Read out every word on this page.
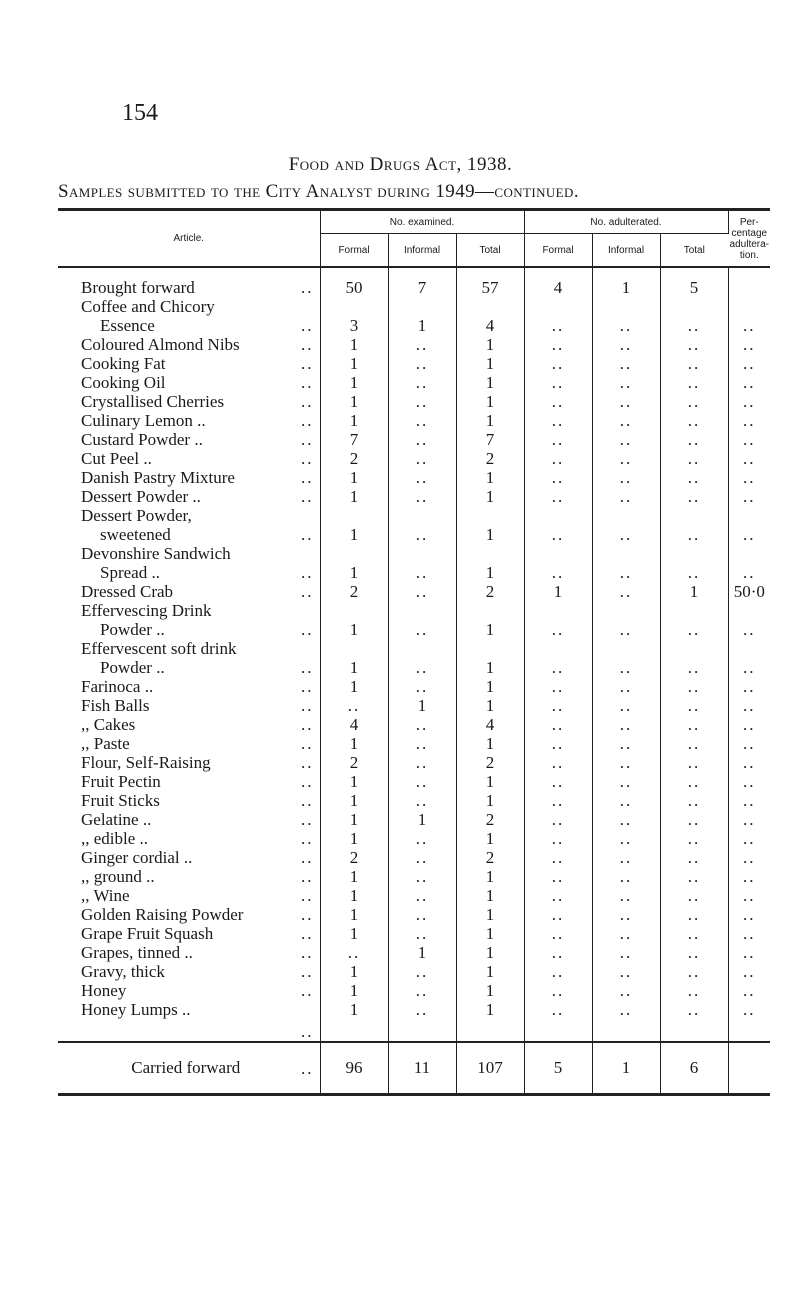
154
Food and Drugs Act, 1938.
Samples submitted to the City Analyst during 1949—continued.
Article.	No. examined.			No. adulterated.			Per-centage adultera-tion.
	Formal	Informal	Total	Formal	Informal	Total	

Brought forward ..	50	7	57	4	1	5	

Coffee and Chicory
Essence ..	3	1	4	..	..	..	..

Coloured Almond Nibs ..	1	..	1	..	..	..	..

Cooking Fat ..	1	..	1	..	..	..	..

Cooking Oil ..	1	..	1	..	..	..	..

Crystallised Cherries ..	1	..	1	..	..	..	..

Culinary Lemon .. ..	1	..	1	..	..	..	..

Custard Powder .. ..	7	..	7	..	..	..	..

Cut Peel .. ..	2	..	2	..	..	..	..

Danish Pastry Mixture ..	1	..	1	..	..	..	..

Dessert Powder .. ..	1	..	1	..	..	..	..

Dessert Powder,
sweetened ..	1	..	1	..	..	..	..

Devonshire Sandwich
Spread .. ..	1	..	1	..	..	..	..

Dressed Crab ..	2	..	2	1	..	1	50·0

Effervescing Drink
Powder .. ..	1	..	1	..	..	..	..

Effervescent soft drink
Powder .. ..	1	..	1	..	..	..	..

Farinoca .. ..	1	..	1	..	..	..	..

Fish Balls ..	..	1	1	..	..	..	..

,, Cakes ..	4	..	4	..	..	..	..

,, Paste ..	1	..	1	..	..	..	..

Flour, Self-Raising ..	2	..	2	..	..	..	..

Fruit Pectin ..	1	..	1	..	..	..	..

Fruit Sticks ..	1	..	1	..	..	..	..

Gelatine .. ..	1	1	2	..	..	..	..

,, edible .. ..	1	..	1	..	..	..	..

Ginger cordial .. ..	2	..	2	..	..	..	..

,, ground .. ..	1	..	1	..	..	..	..

,, Wine ..	1	..	1	..	..	..	..

Golden Raising Powder ..	1	..	1	..	..	..	..

Grape Fruit Squash ..	1	..	1	..	..	..	..

Grapes, tinned .. ..	..	1	1	..	..	..	..

Gravy, thick ..	1	..	1	..	..	..	..

Honey ..	1	..	1	..	..	..	..

Honey Lumps ..
..	1	..	1	..	..	..	..
Carried forward ..	96	11	107	5	1	6	
